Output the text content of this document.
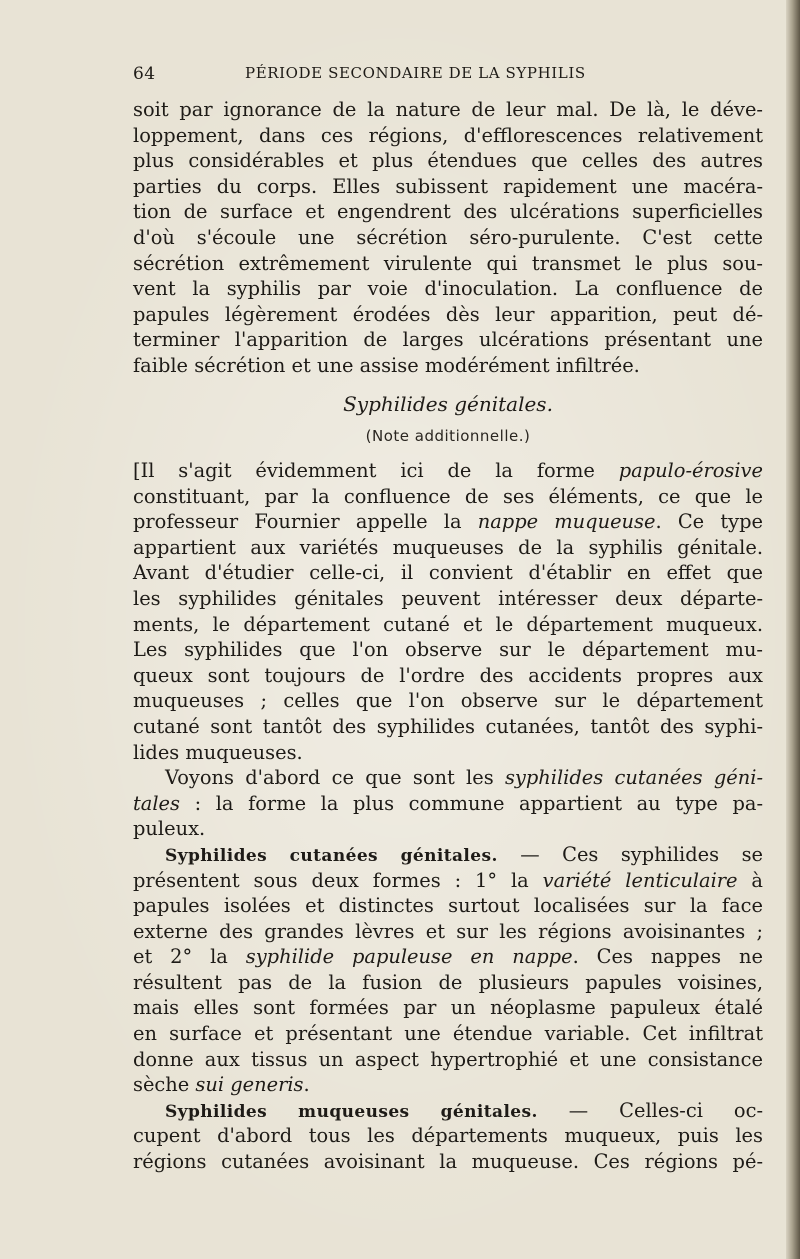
64	PÉRIODE SECONDAIRE DE LA SYPHILIS
soit par ignorance de la nature de leur mal. De là, le déve-
loppement, dans ces régions, d'efflorescences relativement
plus considérables et plus étendues que celles des autres
parties du corps. Elles subissent rapidement une macéra-
tion de surface et engendrent des ulcérations superficielles
d'où s'écoule une sécrétion séro-purulente. C'est cette
sécrétion extrêmement virulente qui transmet le plus sou-
vent la syphilis par voie d'inoculation. La confluence de
papules légèrement érodées dès leur apparition, peut dé-
terminer l'apparition de larges ulcérations présentant une
faible sécrétion et une assise modérément infiltrée.
Syphilides génitales.
(Note additionnelle.)
[Il s'agit évidemment ici de la forme papulo-érosive
constituant, par la confluence de ses éléments, ce que le
professeur Fournier appelle la nappe muqueuse. Ce type
appartient aux variétés muqueuses de la syphilis génitale.
Avant d'étudier celle-ci, il convient d'établir en effet que
les syphilides génitales peuvent intéresser deux départe-
ments, le département cutané et le département muqueux.
Les syphilides que l'on observe sur le département mu-
queux sont toujours de l'ordre des accidents propres aux
muqueuses ; celles que l'on observe sur le département
cutané sont tantôt des syphilides cutanées, tantôt des syphi-
lides muqueuses.
Voyons d'abord ce que sont les syphilides cutanées géni-
tales : la forme la plus commune appartient au type pa-
puleux.
Syphilides cutanées génitales. — Ces syphilides se
présentent sous deux formes : 1° la variété lenticulaire à
papules isolées et distinctes surtout localisées sur la face
externe des grandes lèvres et sur les régions avoisinantes ;
et 2° la syphilide papuleuse en nappe. Ces nappes ne
résultent pas de la fusion de plusieurs papules voisines,
mais elles sont formées par un néoplasme papuleux étalé
en surface et présentant une étendue variable. Cet infiltrat
donne aux tissus un aspect hypertrophié et une consistance
sèche sui generis.
Syphilides muqueuses génitales. — Celles-ci oc-
cupent d'abord tous les départements muqueux, puis les
régions cutanées avoisinant la muqueuse. Ces régions pé-
